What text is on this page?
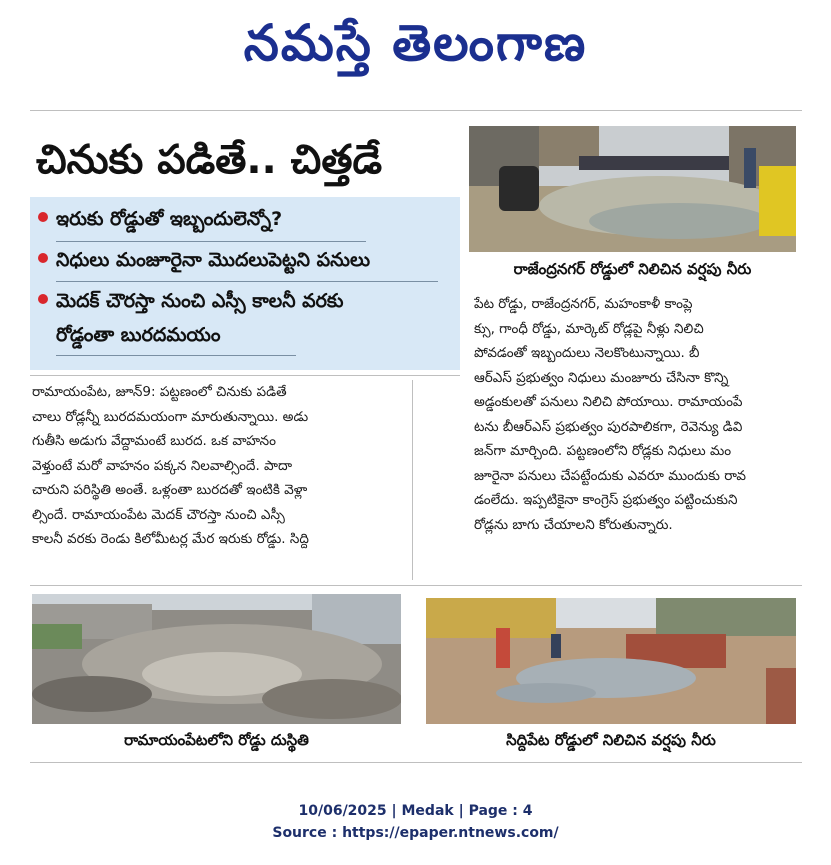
నమస్తే తెలంగాణ
చినుకు పడితే.. చిత్తడే
ఇరుకు రోడ్డుతో ఇబ్బందులెన్నో?
నిధులు మంజూరైనా మొదలుపెట్టని పనులు
మెదక్ చౌరస్తా నుంచి ఎస్సీ కాలనీ వరకు
రోడ్డంతా బురదమయం
రాజేంద్రనగర్ రోడ్డులో నిలిచిన వర్షపు నీరు
రామాయంపేట, జూన్9: పట్టణంలో చినుకు పడితే
చాలు రోడ్లన్నీ బురదమయంగా మారుతున్నాయి. అడు
గుతీసి అడుగు వేద్దామంటే బురద. ఒక వాహనం
వెళ్తుంటే మరో వాహనం పక్కన నిలవాల్సిందే. పాదా
చారుని పరిస్థితి అంతే. ఒళ్లంతా బురదతో ఇంటికి వెళ్లా
ల్సిందే. రామాయంపేట మెదక్ చౌరస్తా నుంచి ఎస్సీ
కాలనీ వరకు రెండు కిలోమీటర్ల మేర ఇరుకు రోడ్డు. సిద్ది
పేట రోడ్డు, రాజేంద్రనగర్, మహంకాళీ కాంప్లె
క్సు, గాంధీ రోడ్డు, మార్కెట్ రోడ్లపై నీళ్లు నిలిచి
పోవడంతో ఇబ్బందులు నెలకొంటున్నాయి. బీ
ఆర్ఎస్ ప్రభుత్వం నిధులు మంజూరు చేసినా కొన్ని
అడ్డంకులతో పనులు నిలిచి పోయాయి. రామాయంపే
టను బీఆర్ఎస్ ప్రభుత్వం పురపాలికగా, రెవెన్యు డివి
జన్‌గా మార్చింది. పట్టణంలోని రోడ్లకు నిధులు మం
జూరైనా పనులు చేపట్టేందుకు ఎవరూ ముందుకు రావ
డంలేదు. ఇప్పటికైనా కాంగ్రెస్ ప్రభుత్వం పట్టించుకుని
రోడ్లను బాగు చేయాలని కోరుతున్నారు.
రామాయంపేటలోని రోడ్డు దుస్థితి	సిద్దిపేట రోడ్డులో నిలిచిన వర్షపు నీరు
10/06/2025 | Medak | Page : 4
Source : https://epaper.ntnews.com/
